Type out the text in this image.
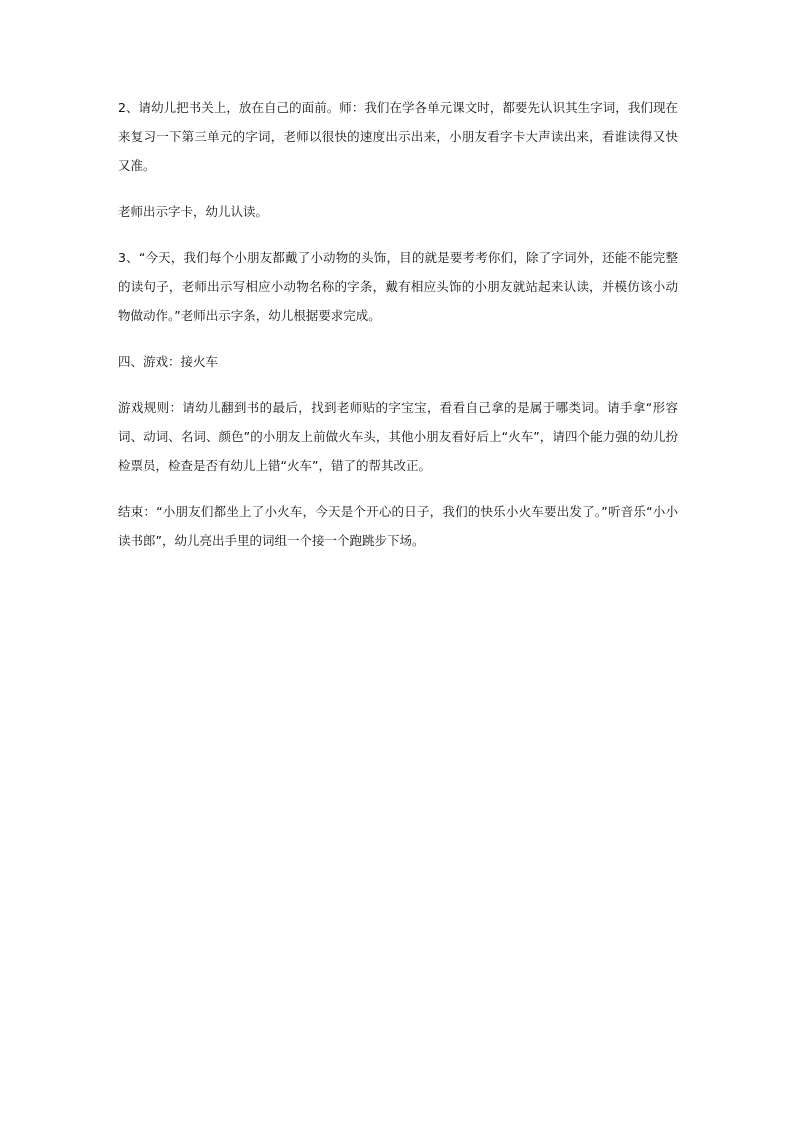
2、请幼儿把书关上，放在自己的面前。师：我们在学各单元课文时，都要先认识其生字词，我们现在来复习一下第三单元的字词，老师以很快的速度出示出来，小朋友看字卡大声读出来，看谁读得又快又准。

老师出示字卡，幼儿认读。

3、“今天，我们每个小朋友都戴了小动物的头饰，目的就是要考考你们，除了字词外，还能不能完整的读句子，老师出示写相应小动物名称的字条，戴有相应头饰的小朋友就站起来认读，并模仿该小动物做动作。”老师出示字条，幼儿根据要求完成。

四、游戏：接火车

游戏规则：请幼儿翻到书的最后，找到老师贴的字宝宝，看看自己拿的是属于哪类词。请手拿“形容词、动词、名词、颜色”的小朋友上前做火车头，其他小朋友看好后上“火车”，请四个能力强的幼儿扮检票员，检查是否有幼儿上错“火车”，错了的帮其改正。

结束：“小朋友们都坐上了小火车，今天是个开心的日子，我们的快乐小火车要出发了。”听音乐“小小读书郎”，幼儿亮出手里的词组一个接一个跑跳步下场。
